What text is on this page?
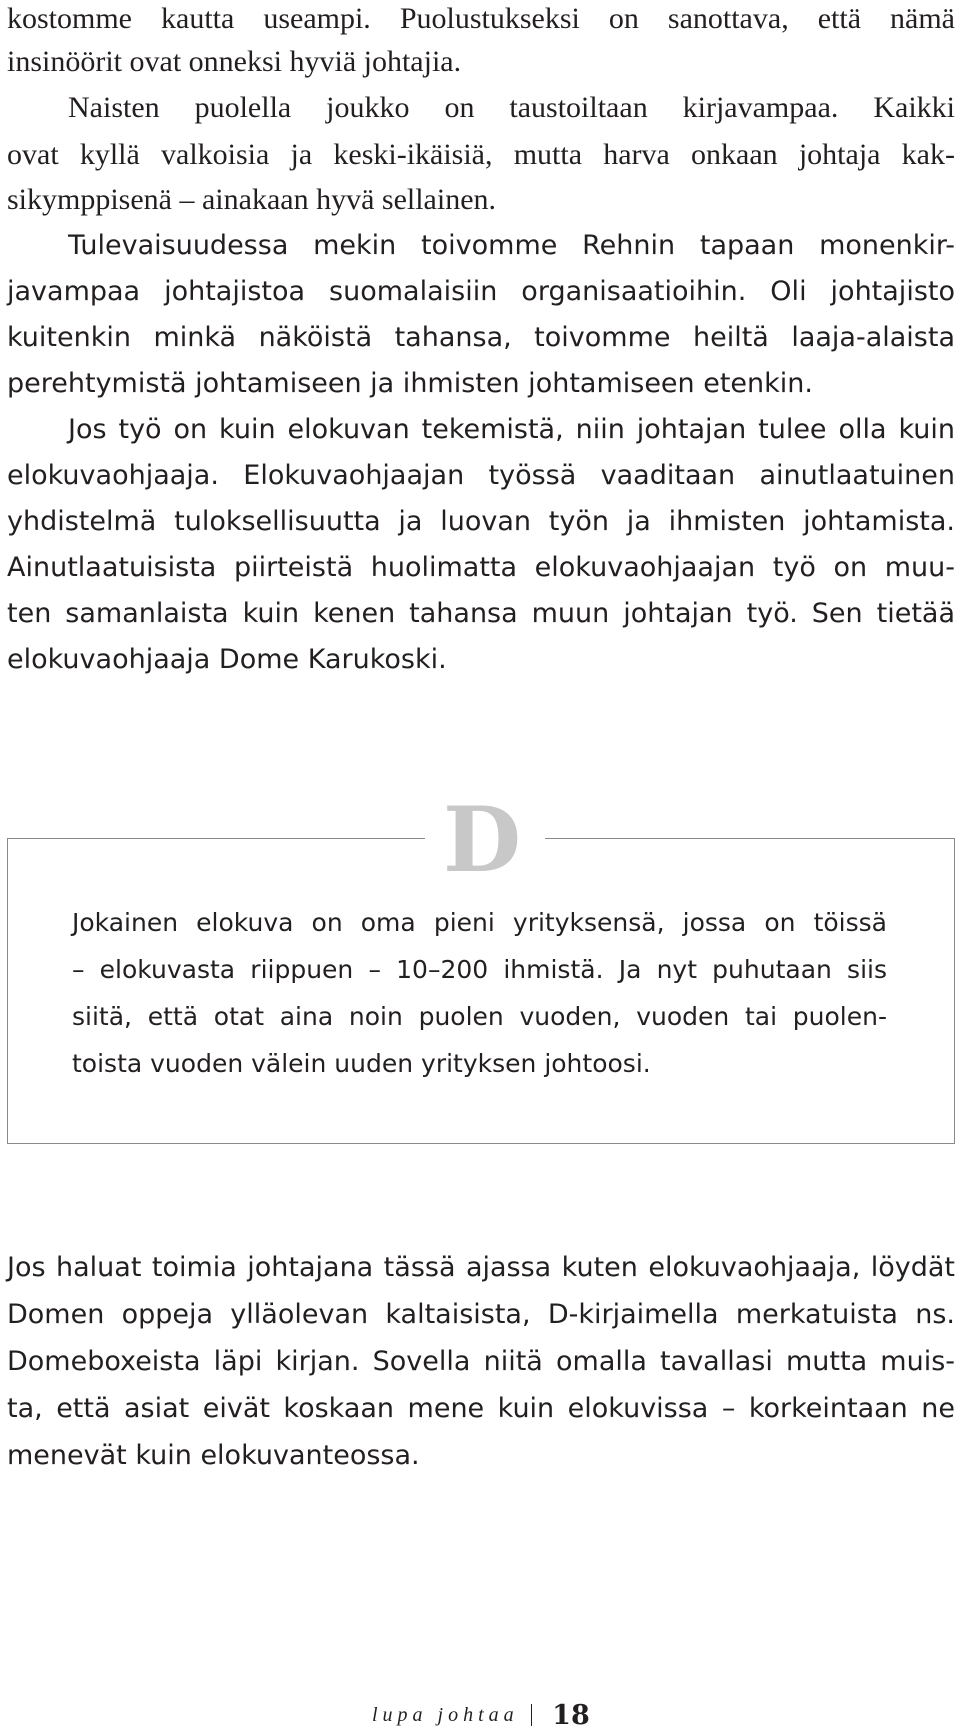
kostomme kautta useampi. Puolustukseksi on sanottava, että nämä

insinöörit ovat onneksi hyviä johtajia.

Naisten puolella joukko on taustoiltaan kirjavampaa. Kaikki

ovat kyllä valkoisia ja keski-ikäisiä, mutta harva onkaan johtaja kak-

sikymppisenä – ainakaan hyvä sellainen.

Tulevaisuudessa mekin toivomme Rehnin tapaan monenkir-

javampaa johtajistoa suomalaisiin organisaatioihin. Oli johtajisto

kuitenkin minkä näköistä tahansa, toivomme heiltä laaja-alaista

perehtymistä johtamiseen ja ihmisten johtamiseen etenkin.

Jos työ on kuin elokuvan tekemistä, niin johtajan tulee olla kuin

elokuvaohjaaja. Elokuvaohjaajan työssä vaaditaan ainutlaatuinen

yhdistelmä tuloksellisuutta ja luovan työn ja ihmisten johtamista.

Ainutlaatuisista piirteistä huolimatta elokuvaohjaajan työ on muu-

ten samanlaista kuin kenen tahansa muun johtajan työ. Sen tietää

elokuvaohjaaja Dome Karukoski.

D

Jokainen elokuva on oma pieni yrityksensä, jossa on töissä

– elokuvasta riippuen – 10–200 ihmistä. Ja nyt puhutaan siis

siitä, että otat aina noin puolen vuoden, vuoden tai puolen-

toista vuoden välein uuden yrityksen johtoosi.

Jos haluat toimia johtajana tässä ajassa kuten elokuvaohjaaja, löydät

Domen oppeja ylläolevan kaltaisista, D-kirjaimella merkatuista ns.

Domeboxeista läpi kirjan. Sovella niitä omalla tavallasi mutta muis-

ta, että asiat eivät koskaan mene kuin elokuvissa – korkeintaan ne

menevät kuin elokuvanteossa.

lupa johtaa 18
